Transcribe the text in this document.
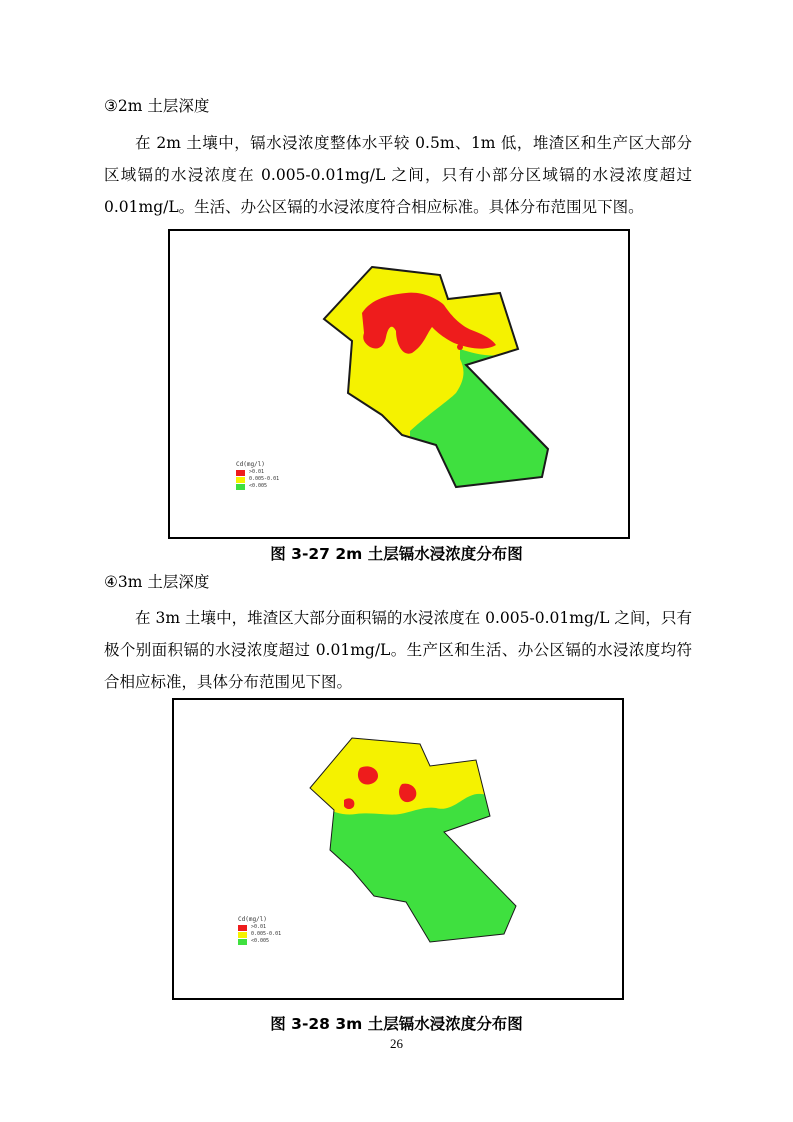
③2m 土层深度
在 2m 土壤中，镉水浸浓度整体水平较 0.5m、1m 低，堆渣区和生产区大部分区域镉的水浸浓度在 0.005-0.01mg/L 之间，只有小部分区域镉的水浸浓度超过 0.01mg/L。生活、办公区镉的水浸浓度符合相应标准。具体分布范围见下图。
Cd(mg/l)
>0.01
0.005-0.01
<0.005
图 3-27 2m 土层镉水浸浓度分布图
④3m 土层深度
在 3m 土壤中，堆渣区大部分面积镉的水浸浓度在 0.005-0.01mg/L 之间，只有极个别面积镉的水浸浓度超过 0.01mg/L。生产区和生活、办公区镉的水浸浓度均符合相应标准，具体分布范围见下图。
Cd(mg/l)
>0.01
0.005-0.01
<0.005
图 3-28 3m 土层镉水浸浓度分布图
26
